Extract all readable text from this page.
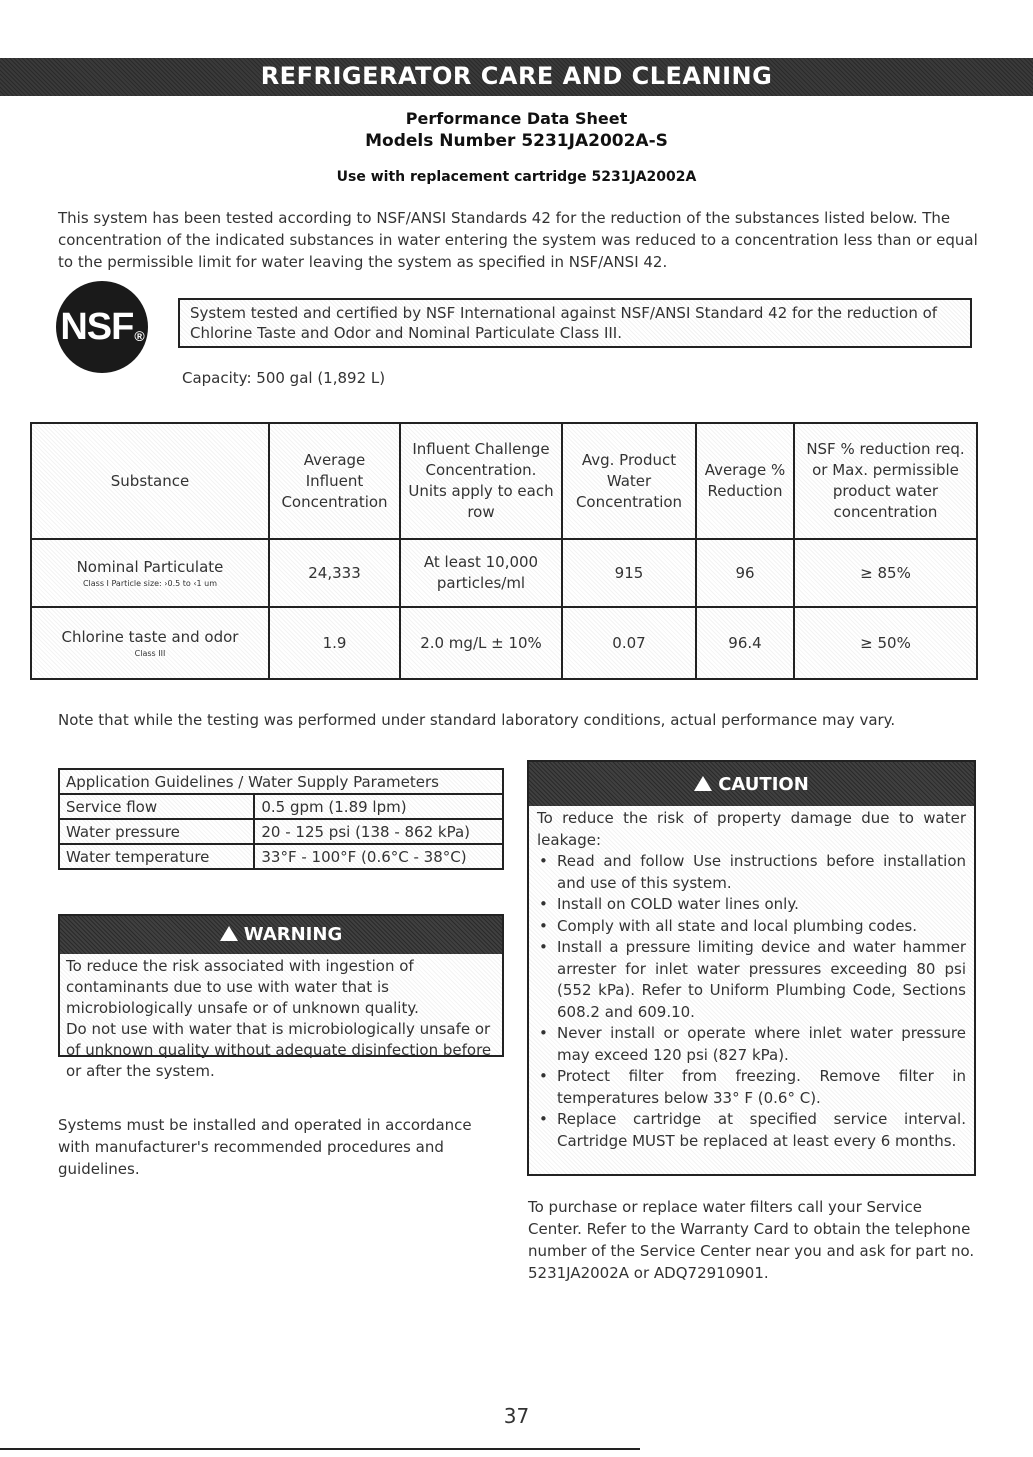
REFRIGERATOR CARE AND CLEANING
Performance Data Sheet
Models Number 5231JA2002A-S
Use with replacement cartridge 5231JA2002A
This system has been tested according to NSF/ANSI Standards 42 for the reduction of the substances listed below. The concentration of the indicated substances in water entering the system was reduced to a concentration less than or equal to the permissible limit for water leaving the system as specified in NSF/ANSI 42.
$NSF_®$
System tested and certified by NSF International against NSF/ANSI Standard 42 for the reduction of Chlorine Taste and Odor and Nominal Particulate Class III.
Capacity: 500 gal (1,892 L)
Substance	Average Influent Concentration	Influent Challenge Concentration. Units apply to each row	Avg. Product Water Concentration	Average % Reduction	NSF % reduction req. or Max. permissible product water concentration
Nominal Particulate
Class I Particle size: ›0.5 to ‹1 um	24,333	At least 10,000 particles/ml	915	96	≥ 85%
Chlorine taste and odor
Class III	1.9	2.0 mg/L ± 10%	0.07	96.4	≥ 50%
Note that while the testing was performed under standard laboratory conditions, actual performance may vary.
Application Guidelines / Water Supply Parameters	
Service flow	0.5 gpm (1.89 lpm)
Water pressure	20 - 125 psi (138 - 862 kPa)
Water temperature	33°F - 100°F (0.6°C - 38°C)
!WARNING
To reduce the risk associated with ingestion of contaminants due to use with water that is microbiologically unsafe or of unknown quality.
Do not use with water that is microbiologically unsafe or of unknown quality without adequate disinfection before or after the system.
Systems must be installed and operated in accordance with manufacturer's recommended procedures and guidelines.
!CAUTION
To reduce the risk of property damage due to water leakage:
• Read and follow Use instructions before installation and use of this system.
• Install on COLD water lines only.
• Comply with all state and local plumbing codes.
• Install a pressure limiting device and water hammer arrester for inlet water pressures exceeding 80 psi (552 kPa). Refer to Uniform Plumbing Code, Sections 608.2 and 609.10.
• Never install or operate where inlet water pressure may exceed 120 psi (827 kPa).
• Protect filter from freezing. Remove filter in temperatures below 33° F (0.6° C).
• Replace cartridge at specified service interval. Cartridge MUST be replaced at least every 6 months.
To purchase or replace water filters call your Service Center. Refer to the Warranty Card to obtain the telephone number of the Service Center near you and ask for part no. 5231JA2002A or ADQ72910901.
37
